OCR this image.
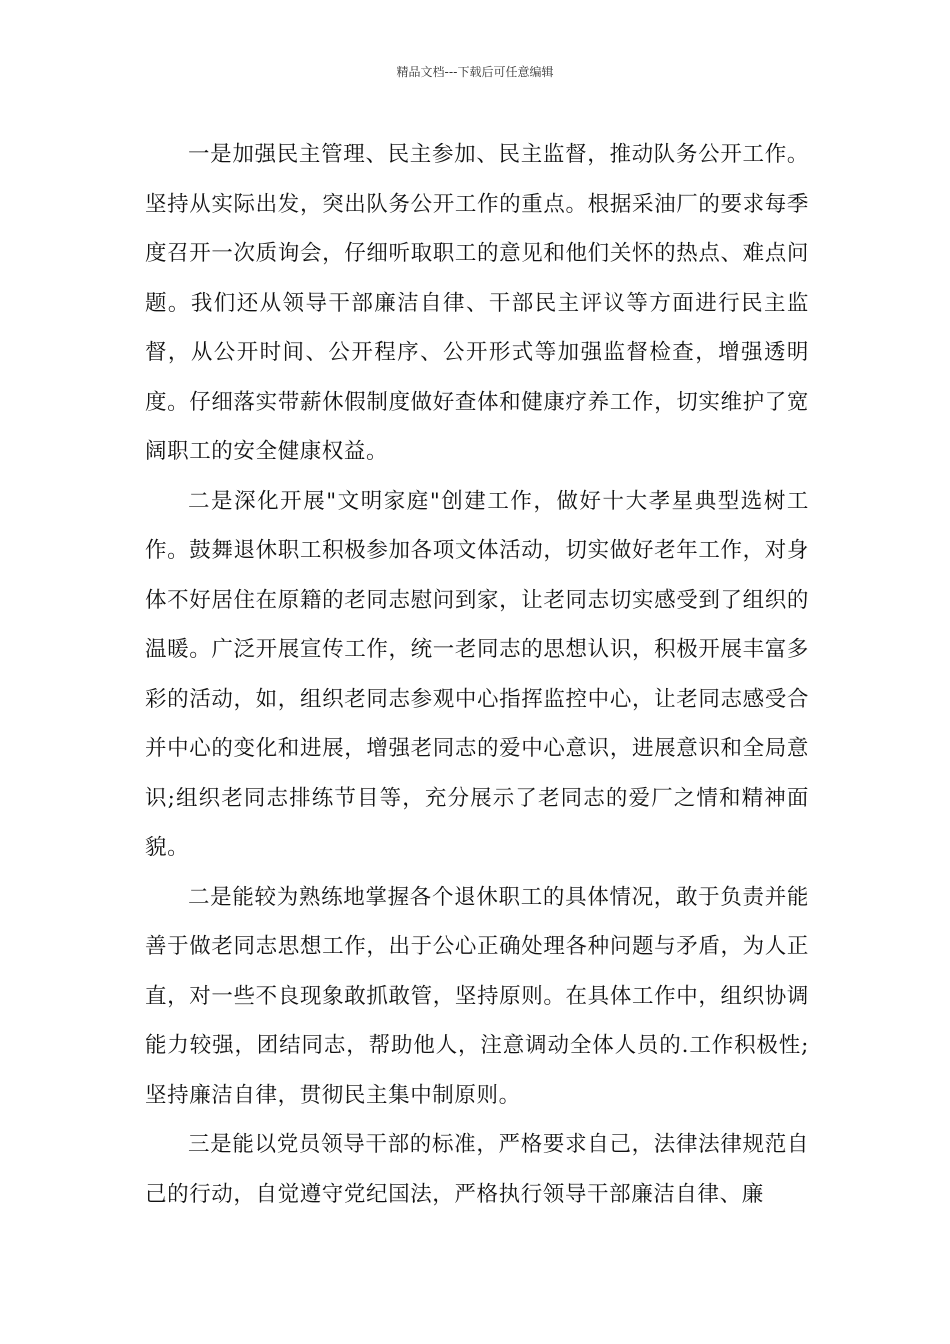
精品文档---下载后可任意编辑

一是加强民主管理、民主参加、民主监督，推动队务公开工作。坚持从实际出发，突出队务公开工作的重点。根据采油厂的要求每季度召开一次质询会，仔细听取职工的意见和他们关怀的热点、难点问题。我们还从领导干部廉洁自律、干部民主评议等方面进行民主监督，从公开时间、公开程序、公开形式等加强监督检查，增强透明度。仔细落实带薪休假制度做好查体和健康疗养工作，切实维护了宽阔职工的安全健康权益。

二是深化开展"文明家庭"创建工作，做好十大孝星典型选树工作。鼓舞退休职工积极参加各项文体活动，切实做好老年工作，对身体不好居住在原籍的老同志慰问到家，让老同志切实感受到了组织的温暖。广泛开展宣传工作，统一老同志的思想认识，积极开展丰富多彩的活动，如，组织老同志参观中心指挥监控中心，让老同志感受合并中心的变化和进展，增强老同志的爱中心意识，进展意识和全局意识;组织老同志排练节目等，充分展示了老同志的爱厂之情和精神面貌。

二是能较为熟练地掌握各个退休职工的具体情况，敢于负责并能善于做老同志思想工作，出于公心正确处理各种问题与矛盾，为人正直，对一些不良现象敢抓敢管，坚持原则。在具体工作中，组织协调能力较强，团结同志，帮助他人，注意调动全体人员的.工作积极性;坚持廉洁自律，贯彻民主集中制原则。

三是能以党员领导干部的标准，严格要求自己，法律法律规范自己的行动，自觉遵守党纪国法，严格执行领导干部廉洁自律、廉
